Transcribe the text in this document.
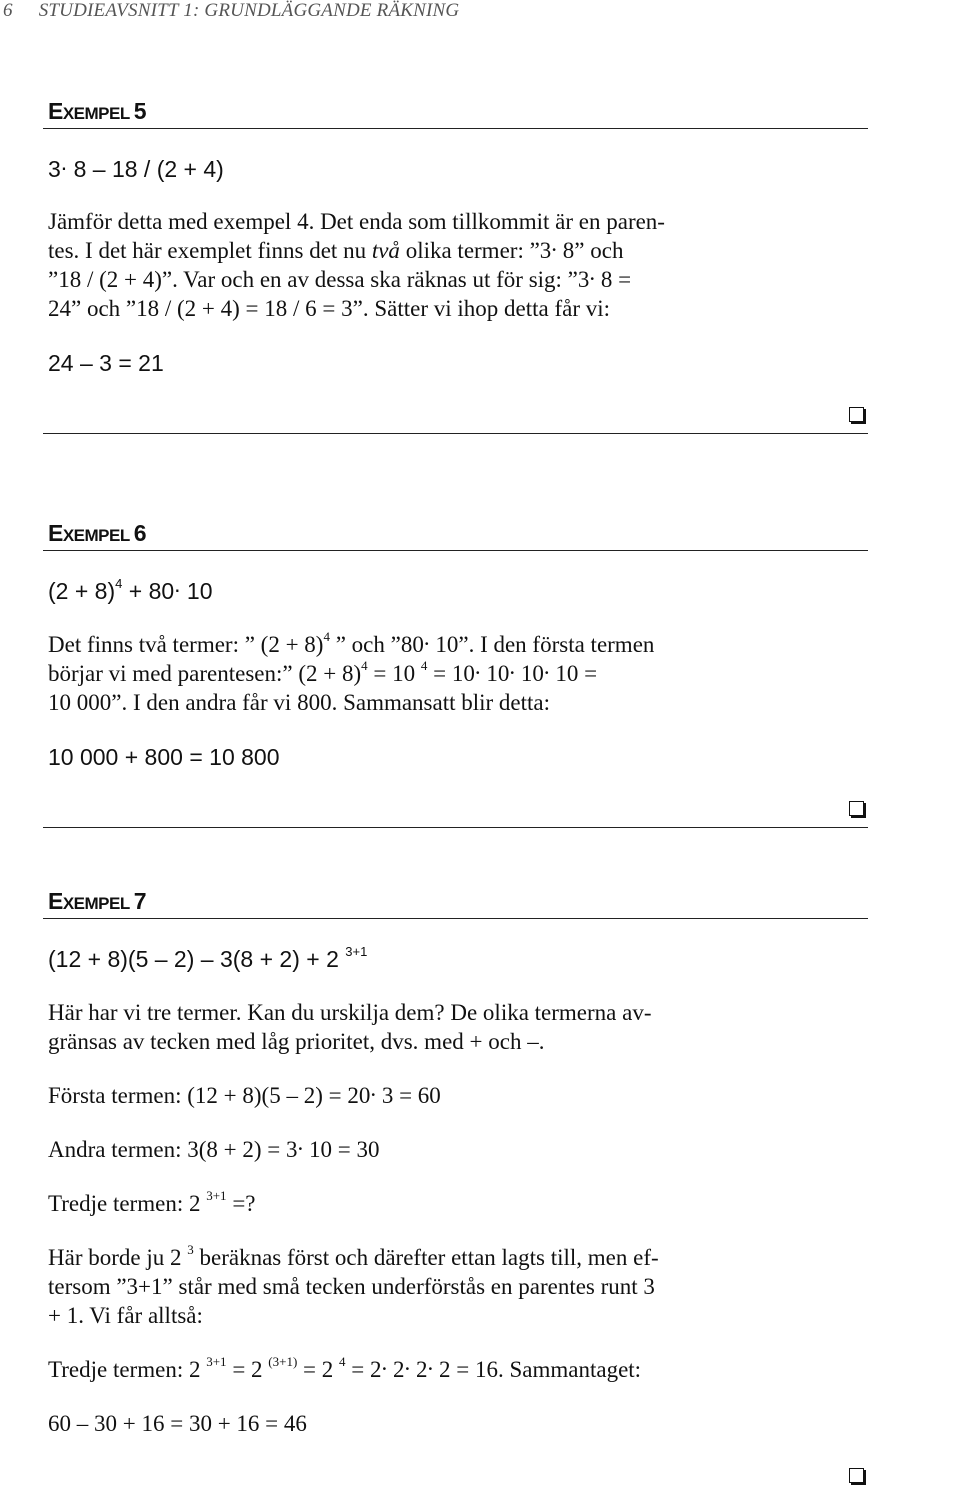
6 STUDIEAVSNITT 1: GRUNDLÄGGANDE RÄKNING
EXEMPEL 5
3. 8 – 18 / (2 + 4)
Jämför detta med exempel 4. Det enda som tillkommit är en paren-
tes. I det här exemplet finns det nu två olika termer: ”3. 8” och
”18 / (2 + 4)”. Var och en av dessa ska räknas ut för sig: ”3. 8 =
24” och ”18 / (2 + 4) = 18 / 6 = 3”. Sätter vi ihop detta får vi:
24 – 3 = 21
EXEMPEL 6
$(2 + 8)^4 + 80$. 10
Det finns två termer: ” $(2 + 8)^4$ ” och ”80. 10”. I den första termen
börjar vi med parentesen:” $(2 + 8)^4 = 10$ $^4$ = 10. 10. 10. 10 =
10 000”. I den andra får vi 800. Sammansatt blir detta:
10 000 + 800 = 10 800
EXEMPEL 7
(12 + 8)(5 – 2) – 3(8 + 2) + 2 $^{3+1}$
Här har vi tre termer. Kan du urskilja dem? De olika termerna av-
gränsas av tecken med låg prioritet, dvs. med + och –.
Första termen: (12 + 8)(5 – 2) = 20. 3 = 60
Andra termen: 3(8 + 2) = 3. 10 = 30
Tredje termen: 2 $^{3+1}$ =?
Här borde ju 2 $^3$ beräknas först och därefter ettan lagts till, men ef-
tersom ”3+1” står med små tecken underförstås en parentes runt 3
+ 1. Vi får alltså:
Tredje termen: 2 $^{3+1}$ = 2 $^{(3+1)}$ = 2 $^4$ = 2. 2. 2. 2 = 16. Sammantaget:
60 – 30 + 16 = 30 + 16 = 46
